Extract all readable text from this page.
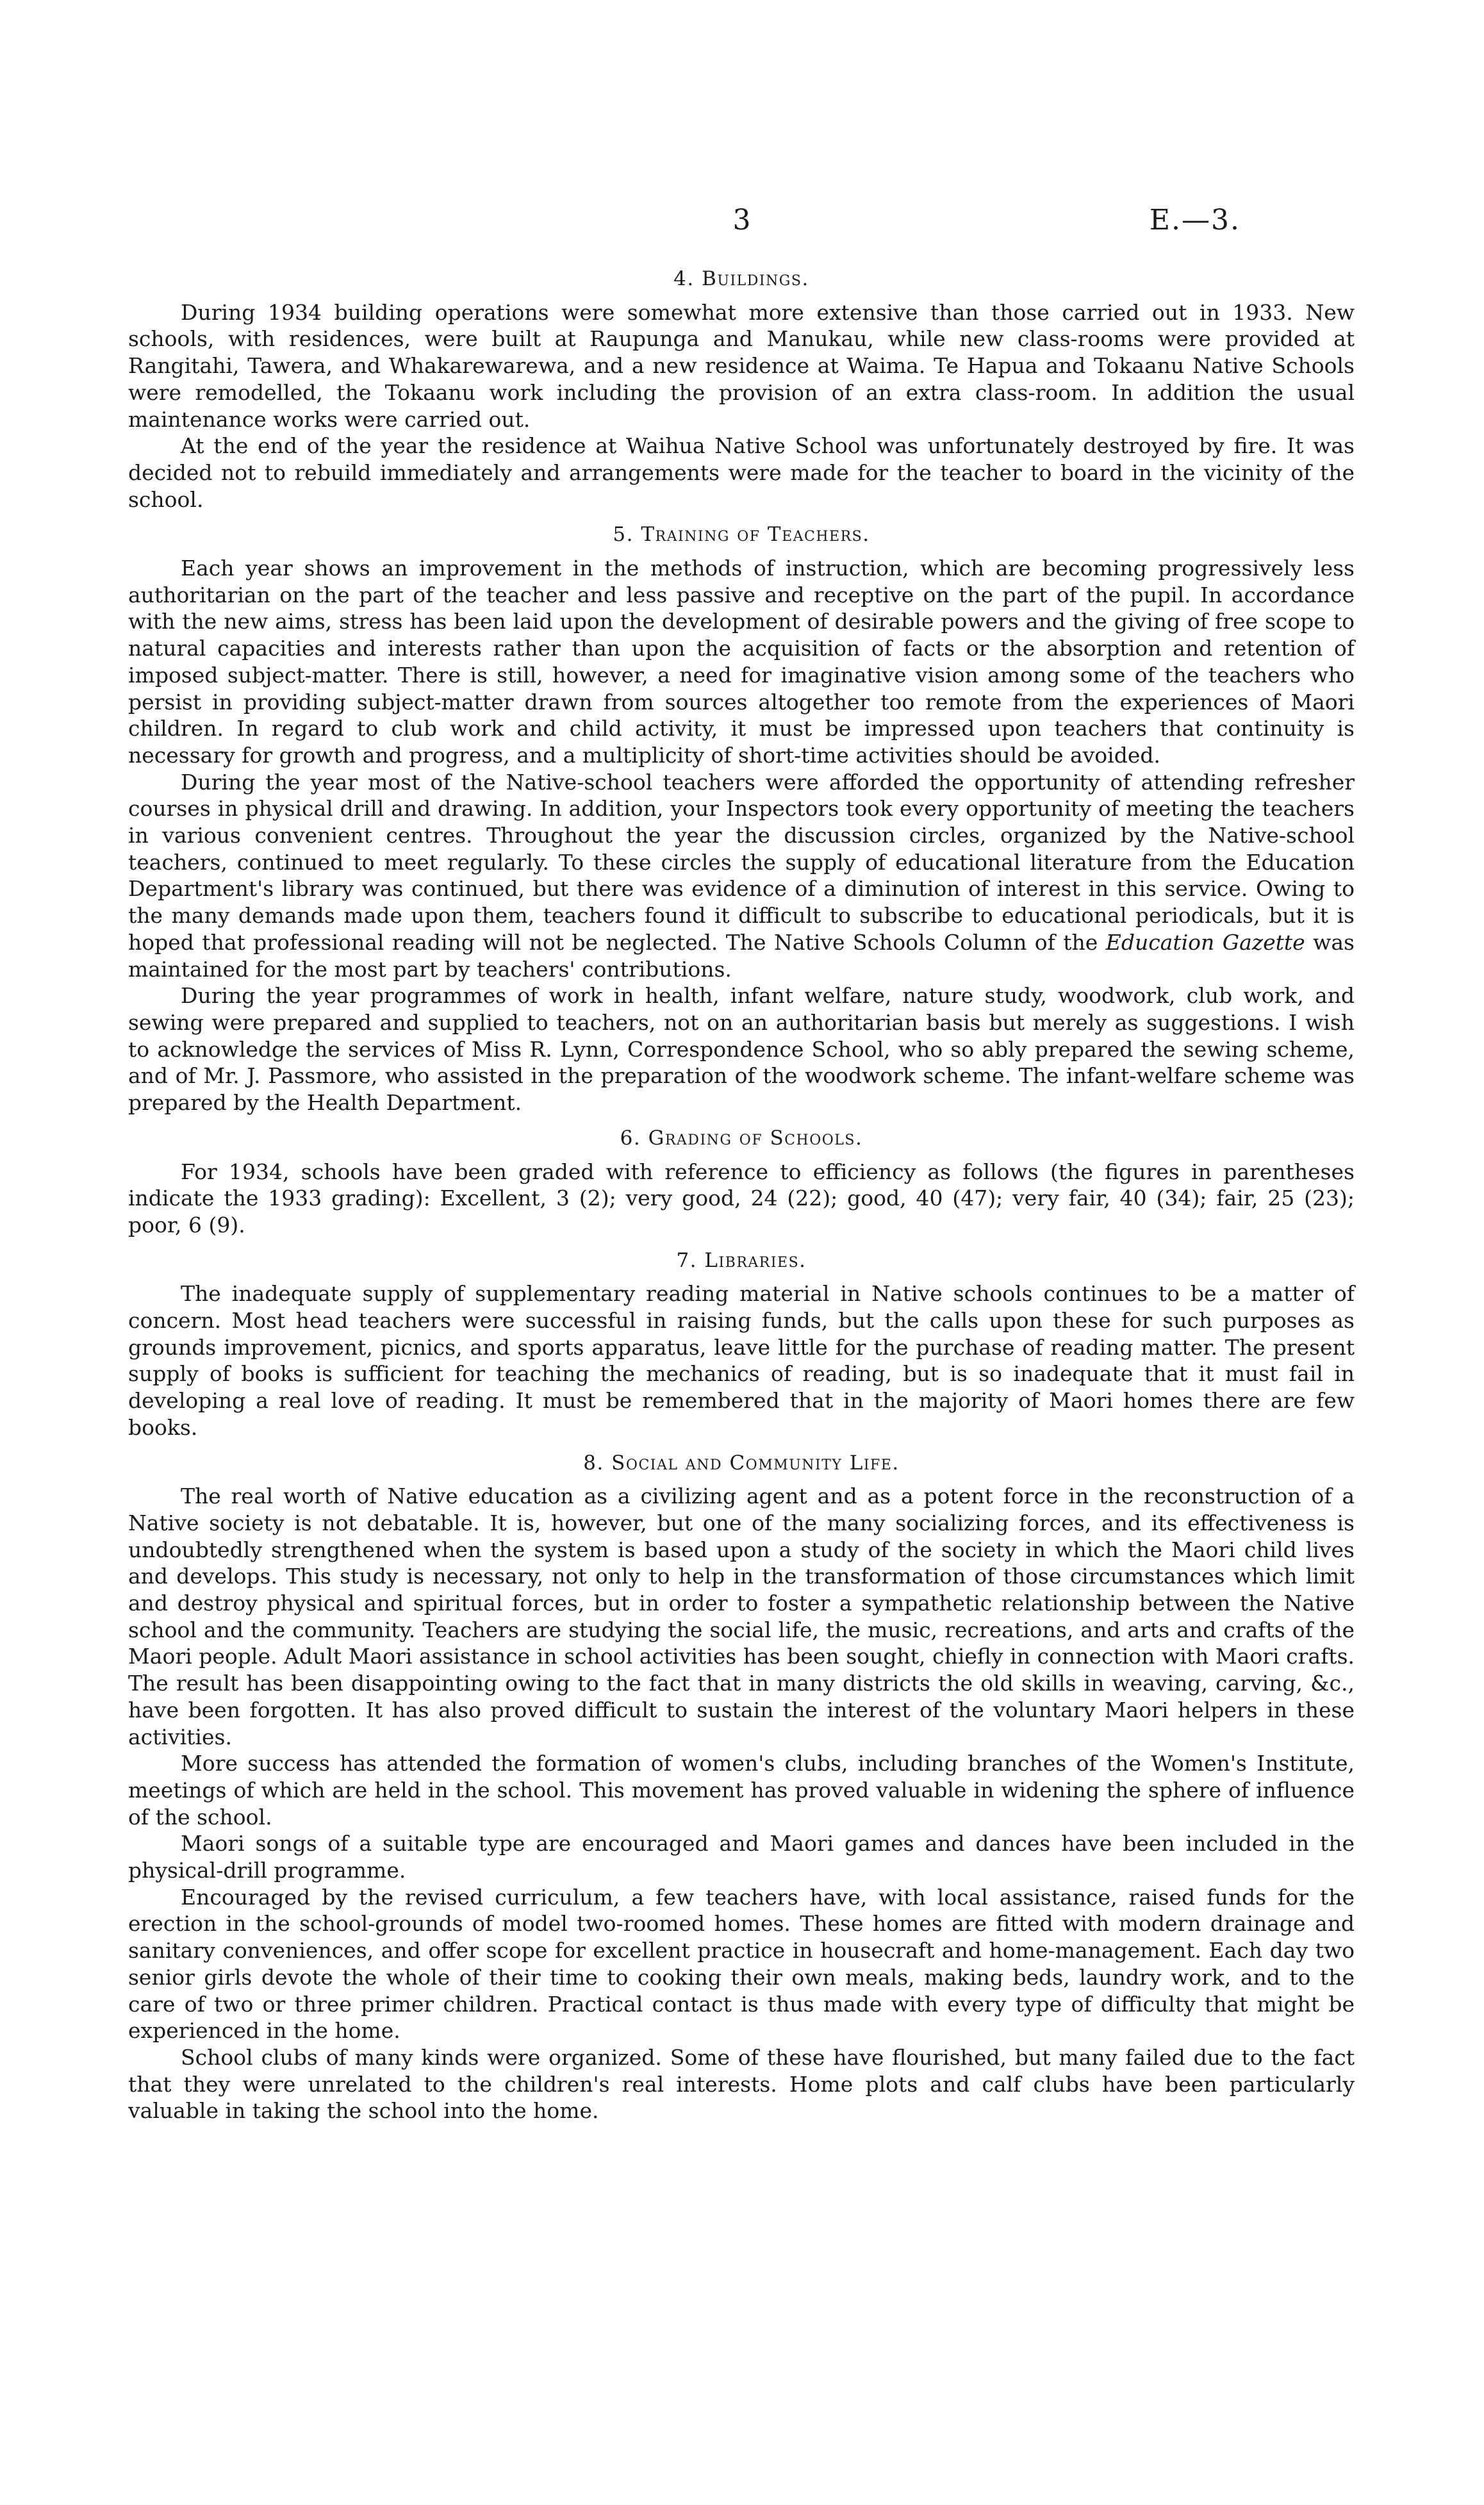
3	E.—3.
4. Buildings.

During 1934 building operations were somewhat more extensive than those carried out in 1933. New schools, with residences, were built at Raupunga and Manukau, while new class-rooms were provided at Rangitahi, Tawera, and Whakarewarewa, and a new residence at Waima. Te Hapua and Tokaanu Native Schools were remodelled, the Tokaanu work including the provision of an extra class-room. In addition the usual maintenance works were carried out.

At the end of the year the residence at Waihua Native School was unfortunately destroyed by fire. It was decided not to rebuild immediately and arrangements were made for the teacher to board in the vicinity of the school.

5. Training of Teachers.

Each year shows an improvement in the methods of instruction, which are becoming progressively less authoritarian on the part of the teacher and less passive and receptive on the part of the pupil. In accordance with the new aims, stress has been laid upon the development of desirable powers and the giving of free scope to natural capacities and interests rather than upon the acquisition of facts or the absorption and retention of imposed subject-matter. There is still, however, a need for imaginative vision among some of the teachers who persist in providing subject-matter drawn from sources altogether too remote from the experiences of Maori children. In regard to club work and child activity, it must be impressed upon teachers that continuity is necessary for growth and progress, and a multiplicity of short-time activities should be avoided.

During the year most of the Native-school teachers were afforded the opportunity of attending refresher courses in physical drill and drawing. In addition, your Inspectors took every opportunity of meeting the teachers in various convenient centres. Throughout the year the discussion circles, organized by the Native-school teachers, continued to meet regularly. To these circles the supply of educational literature from the Education Department's library was continued, but there was evidence of a diminution of interest in this service. Owing to the many demands made upon them, teachers found it difficult to subscribe to educational periodicals, but it is hoped that professional reading will not be neglected. The Native Schools Column of the Education Gazette was maintained for the most part by teachers' contributions.

During the year programmes of work in health, infant welfare, nature study, woodwork, club work, and sewing were prepared and supplied to teachers, not on an authoritarian basis but merely as suggestions. I wish to acknowledge the services of Miss R. Lynn, Correspondence School, who so ably prepared the sewing scheme, and of Mr. J. Passmore, who assisted in the preparation of the woodwork scheme. The infant-welfare scheme was prepared by the Health Department.

6. Grading of Schools.

For 1934, schools have been graded with reference to efficiency as follows (the figures in parentheses indicate the 1933 grading): Excellent, 3 (2); very good, 24 (22); good, 40 (47); very fair, 40 (34); fair, 25 (23); poor, 6 (9).

7. Libraries.

The inadequate supply of supplementary reading material in Native schools continues to be a matter of concern. Most head teachers were successful in raising funds, but the calls upon these for such purposes as grounds improvement, picnics, and sports apparatus, leave little for the purchase of reading matter. The present supply of books is sufficient for teaching the mechanics of reading, but is so inadequate that it must fail in developing a real love of reading. It must be remembered that in the majority of Maori homes there are few books.

8. Social and Community Life.

The real worth of Native education as a civilizing agent and as a potent force in the reconstruction of a Native society is not debatable. It is, however, but one of the many socializing forces, and its effectiveness is undoubtedly strengthened when the system is based upon a study of the society in which the Maori child lives and develops. This study is necessary, not only to help in the transformation of those circumstances which limit and destroy physical and spiritual forces, but in order to foster a sympathetic relationship between the Native school and the community. Teachers are studying the social life, the music, recreations, and arts and crafts of the Maori people. Adult Maori assistance in school activities has been sought, chiefly in connection with Maori crafts. The result has been disappointing owing to the fact that in many districts the old skills in weaving, carving, &c., have been forgotten. It has also proved difficult to sustain the interest of the voluntary Maori helpers in these activities.

More success has attended the formation of women's clubs, including branches of the Women's Institute, meetings of which are held in the school. This movement has proved valuable in widening the sphere of influence of the school.

Maori songs of a suitable type are encouraged and Maori games and dances have been included in the physical-drill programme.

Encouraged by the revised curriculum, a few teachers have, with local assistance, raised funds for the erection in the school-grounds of model two-roomed homes. These homes are fitted with modern drainage and sanitary conveniences, and offer scope for excellent practice in housecraft and home-management. Each day two senior girls devote the whole of their time to cooking their own meals, making beds, laundry work, and to the care of two or three primer children. Practical contact is thus made with every type of difficulty that might be experienced in the home.

School clubs of many kinds were organized. Some of these have flourished, but many failed due to the fact that they were unrelated to the children's real interests. Home plots and calf clubs have been particularly valuable in taking the school into the home.
